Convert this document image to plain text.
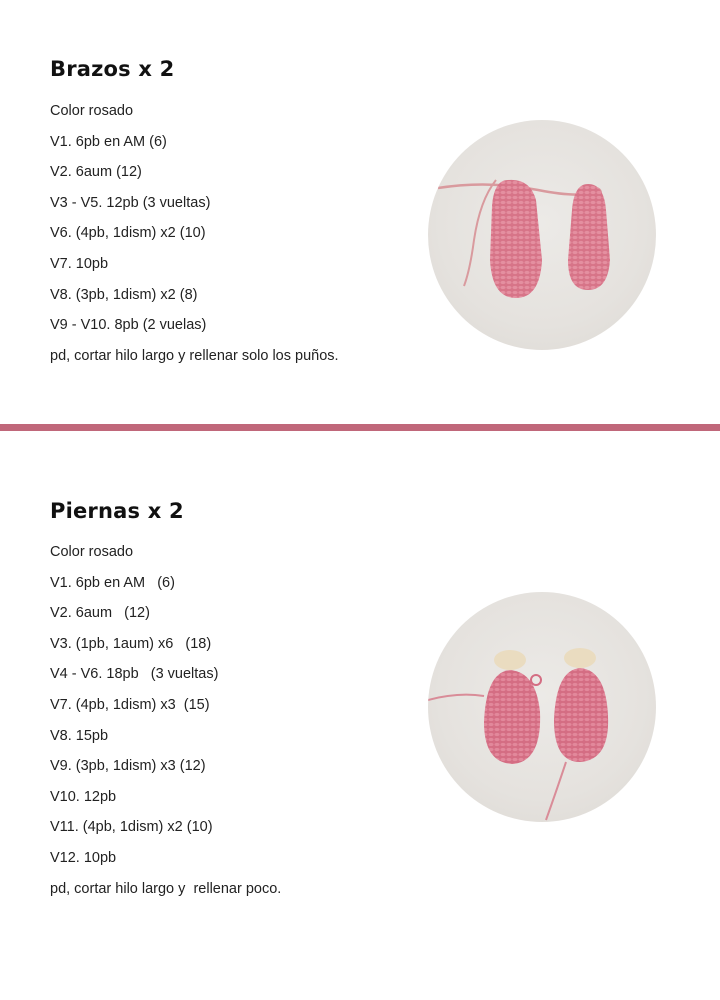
Brazos x 2
Color rosado
V1. 6pb en AM (6)
V2. 6aum (12)
V3 - V5. 12pb (3 vueltas)
V6. (4pb, 1dism) x2 (10)
V7. 10pb
V8. (3pb, 1dism) x2 (8)
V9 - V10. 8pb (2 vuelas)
pd, cortar hilo largo y rellenar solo los puños.
Piernas x 2
Color rosado
V1. 6pb en AM   (6)
V2. 6aum   (12)
V3. (1pb, 1aum) x6   (18)
V4 - V6. 18pb   (3 vueltas)
V7. (4pb, 1dism) x3  (15)
V8. 15pb
V9. (3pb, 1dism) x3 (12)
V10. 12pb
V11. (4pb, 1dism) x2 (10)
V12. 10pb
pd, cortar hilo largo y  rellenar poco.
